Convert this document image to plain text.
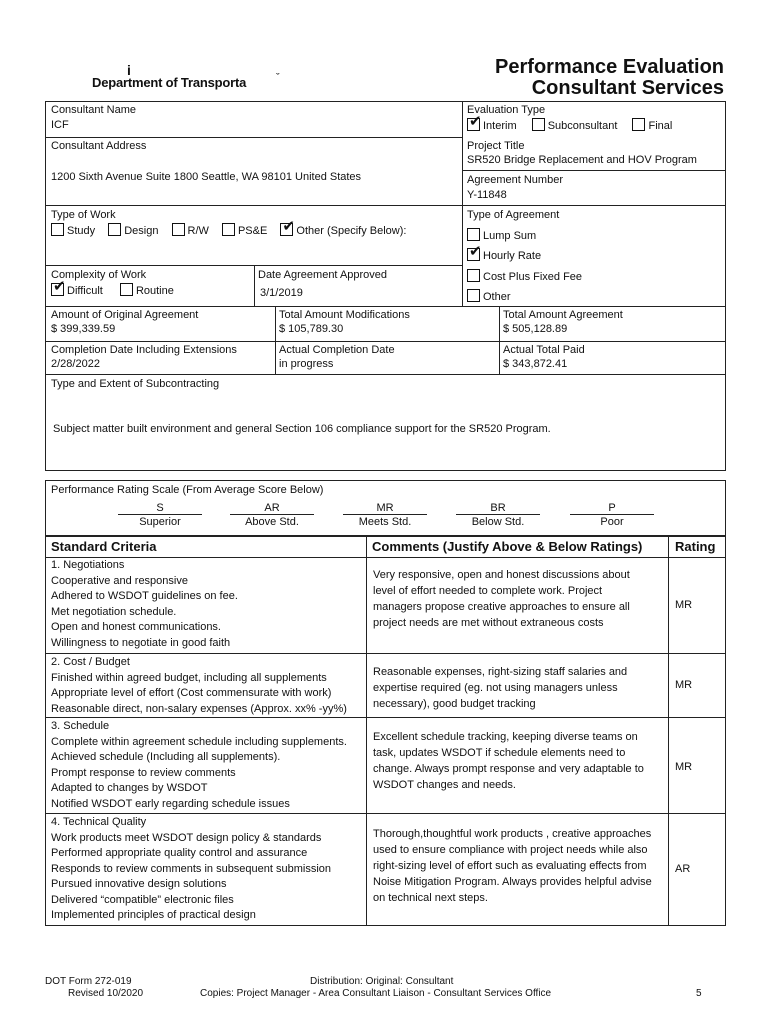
i
Department of Transporta	ˇ	Performance Evaluation
Consultant Services
Consultant Name
ICF
Evaluation Type
✔Interim	Subconsultant	Final
Consultant Address
1200 Sixth Avenue Suite 1800 Seattle, WA 98101 United States
Project Title
SR520 Bridge Replacement and HOV Program
Agreement Number
Y-11848
Type of Work
Study	Design	R/W	PS&E ✔	Other (Specify Below):
Type of Agreement
Lump Sum
✔Hourly Rate
Cost Plus Fixed Fee
Other
Complexity of Work
✔Difficult	Routine
Date Agreement Approved
3/1/2019
Amount of Original Agreement
$ 399,339.59
Total Amount Modifications
$ 105,789.30
Total Amount Agreement
$ 505,128.89
Completion Date Including Extensions
2/28/2022
Actual Completion Date
in progress
Actual Total Paid
$ 343,872.41
Type and Extent of Subcontracting
Subject matter built environment and general Section 106 compliance support for the SR520 Program.
Performance Rating Scale (From Average Score Below)
S
Superior
AR
Above Std.
MR
Meets Std.
BR
Below Std.
P
Poor
Standard Criteria	Comments (Justify Above & Below Ratings)	Rating
1. Negotiations
Cooperative and responsive
Adhered to WSDOT guidelines on fee.
Met negotiation schedule.
Open and honest communications.
Willingness to negotiate in good faith
Very responsive, open and honest discussions about level of effort needed to complete work. Project managers propose creative approaches to ensure all project needs are met without extraneous costs
MR
2. Cost / Budget
Finished within agreed budget, including all supplements
Appropriate level of effort (Cost commensurate with work)
Reasonable direct, non-salary expenses (Approx. xx% -yy%)
Reasonable expenses, right-sizing staff salaries and expertise required (eg. not using managers unless necessary), good budget tracking
MR
3. Schedule
Complete within agreement schedule including supplements.
Achieved schedule (Including all supplements).
Prompt response to review comments
Adapted to changes by WSDOT
Notified WSDOT early regarding schedule issues
Excellent schedule tracking, keeping diverse teams on task, updates WSDOT if schedule elements need to change. Always prompt response and very adaptable to WSDOT changes and needs.
MR
4. Technical Quality
Work products meet WSDOT design policy & standards
Performed appropriate quality control and assurance
Responds to review comments in subsequent submission
Pursued innovative design solutions
Delivered “compatible” electronic files
Implemented principles of practical design
Thorough,thoughtful work products , creative approaches used to ensure compliance with project needs while also right-sizing level of effort such as evaluating effects from Noise Mitigation Program. Always provides helpful advise on technical next steps.
AR
DOT Form 272-019
Revised 10/2020
Distribution: Original: Consultant
Copies: Project Manager - Area Consultant Liaison - Consultant Services Office	5
